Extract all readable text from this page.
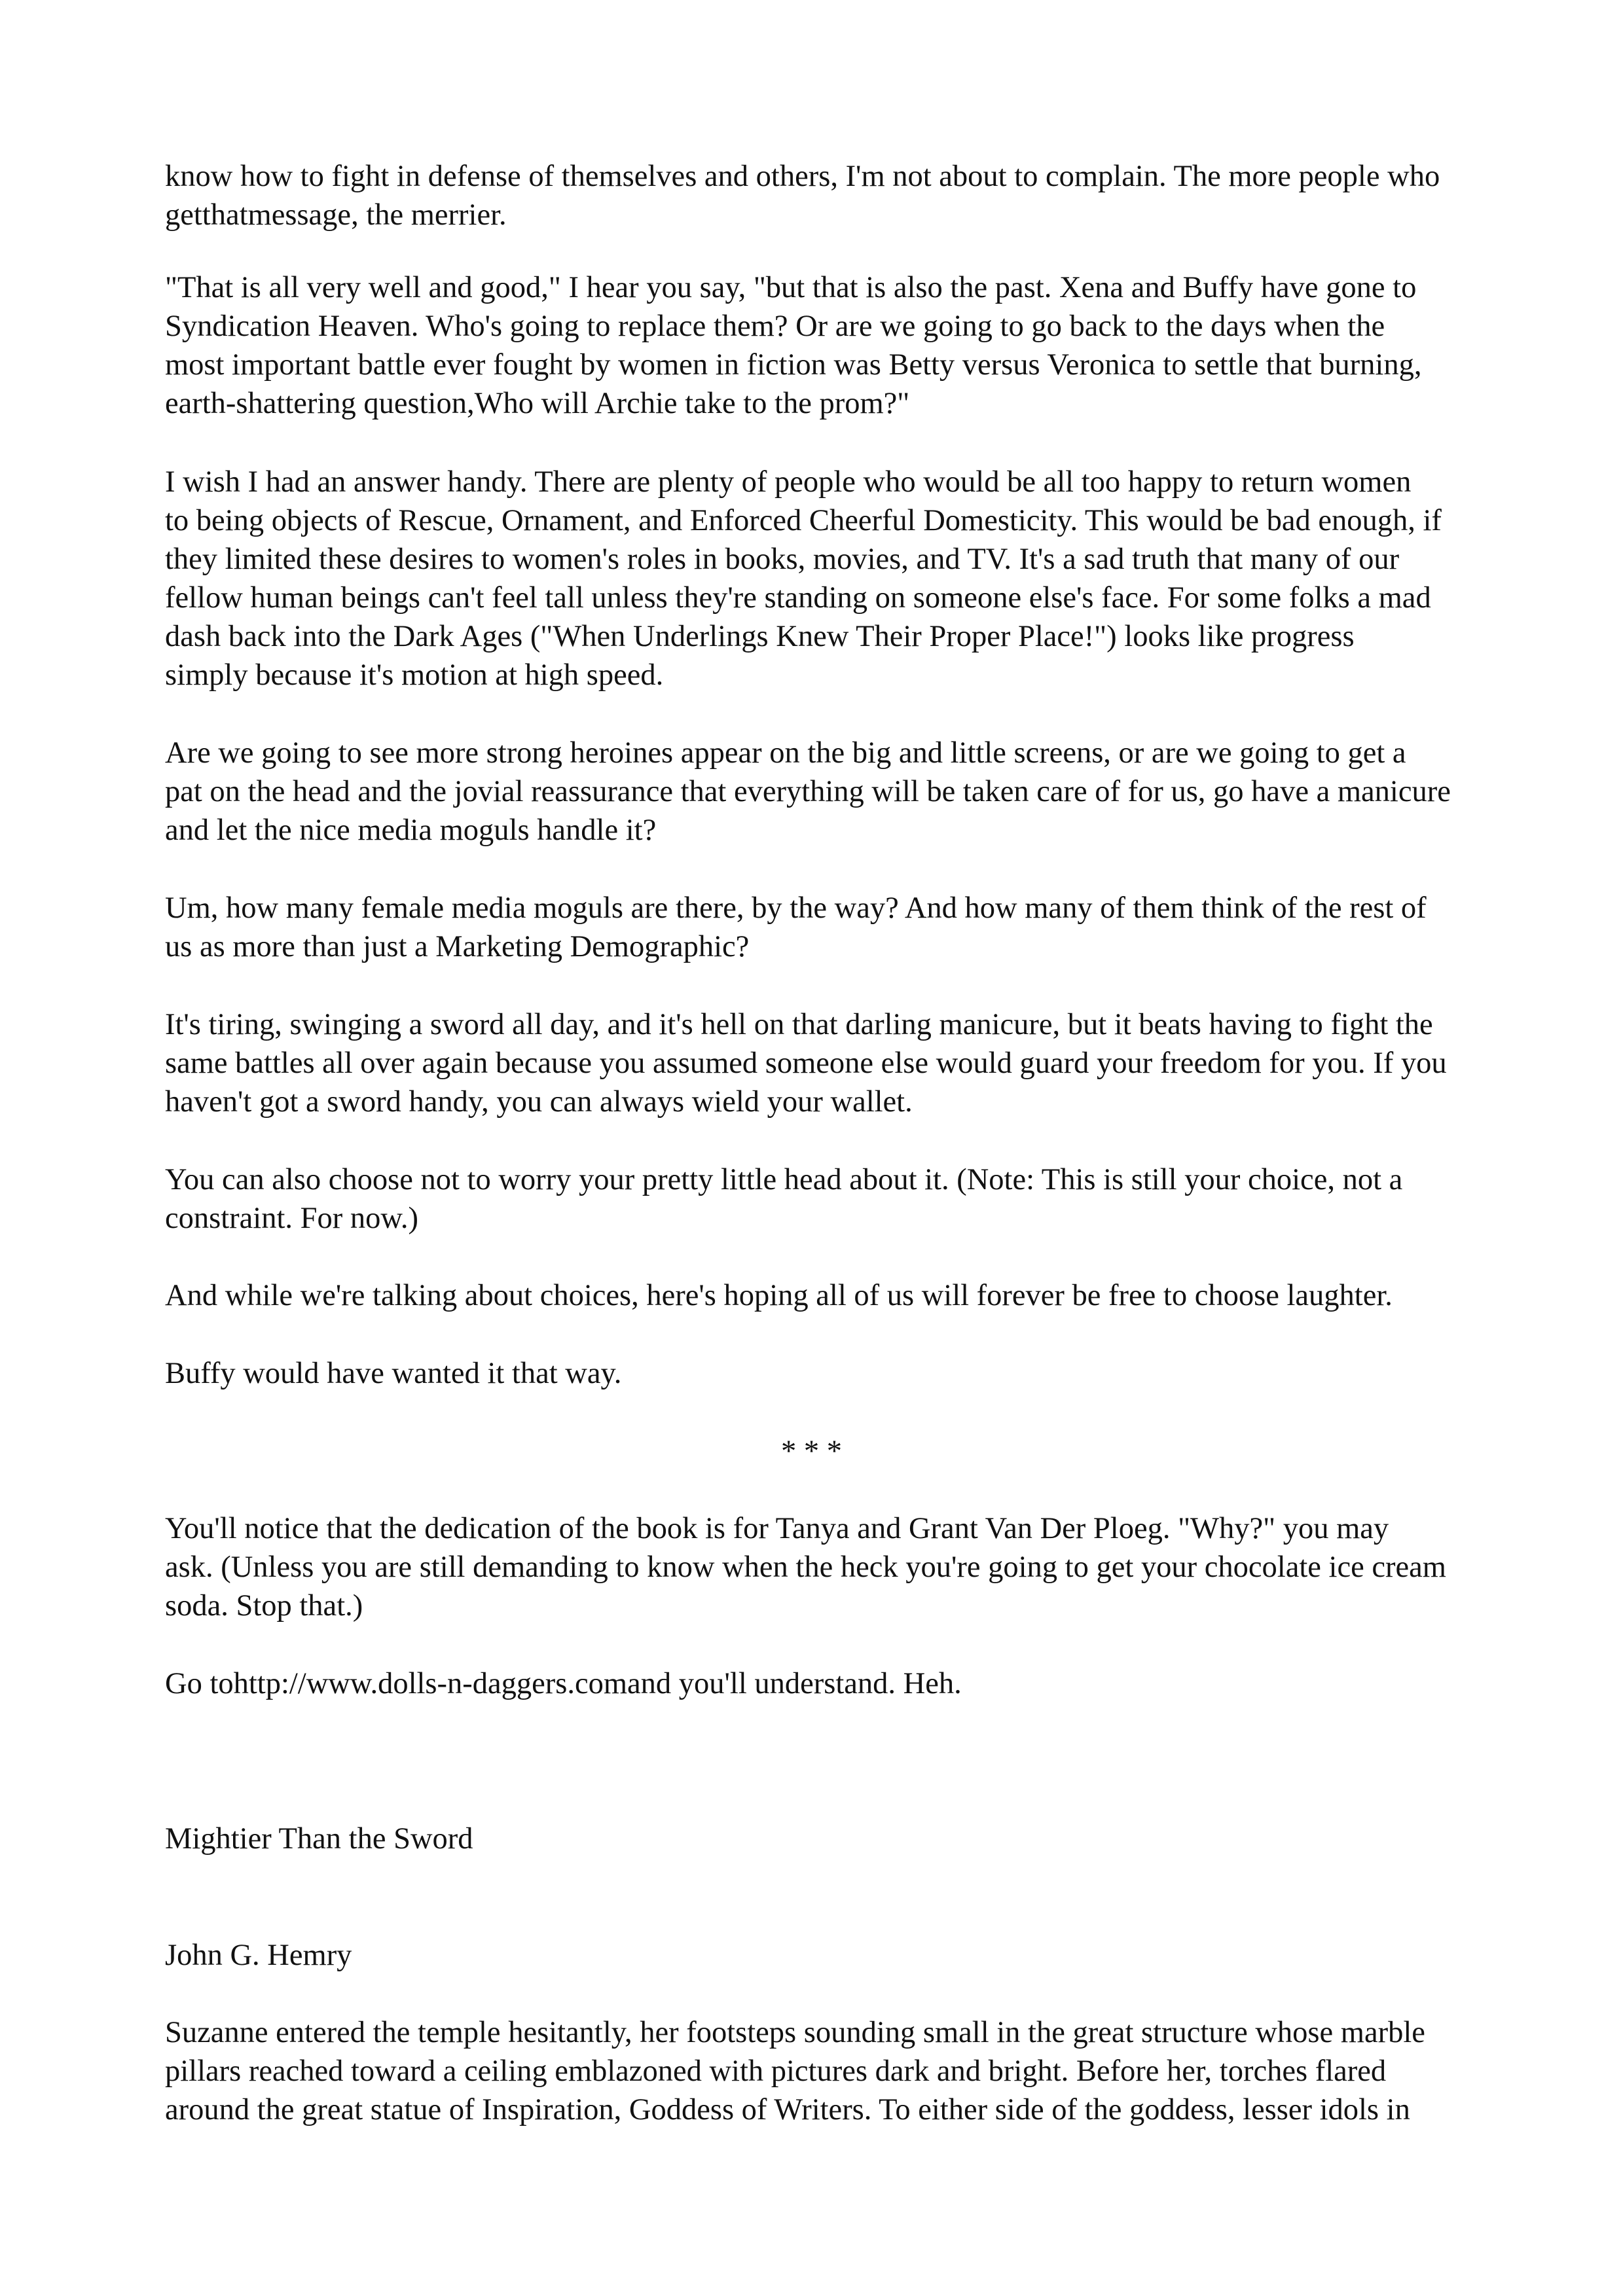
know how to fight in defense of themselves and others, I'm not about to complain. The more people who
getthatmessage, the merrier.

"That is all very well and good," I hear you say, "but that is also the past. Xena and Buffy have gone to
Syndication Heaven. Who's going to replace them? Or are we going to go back to the days when the
most important battle ever fought by women in fiction was Betty versus Veronica to settle that burning,
earth-shattering question,Who will Archie take to the prom?"

I wish I had an answer handy. There are plenty of people who would be all too happy to return women
to being objects of Rescue, Ornament, and Enforced Cheerful Domesticity. This would be bad enough, if
they limited these desires to women's roles in books, movies, and TV. It's a sad truth that many of our
fellow human beings can't feel tall unless they're standing on someone else's face. For some folks a mad
dash back into the Dark Ages ("When Underlings Knew Their Proper Place!") looks like progress
simply because it's motion at high speed.

Are we going to see more strong heroines appear on the big and little screens, or are we going to get a
pat on the head and the jovial reassurance that everything will be taken care of for us, go have a manicure
and let the nice media moguls handle it?

Um, how many female media moguls are there, by the way? And how many of them think of the rest of
us as more than just a Marketing Demographic?

It's tiring, swinging a sword all day, and it's hell on that darling manicure, but it beats having to fight the
same battles all over again because you assumed someone else would guard your freedom for you. If you
haven't got a sword handy, you can always wield your wallet.

You can also choose not to worry your pretty little head about it. (Note: This is still your choice, not a
constraint. For now.)

And while we're talking about choices, here's hoping all of us will forever be free to choose laughter.

Buffy would have wanted it that way.

* * *

You'll notice that the dedication of the book is for Tanya and Grant Van Der Ploeg. "Why?" you may
ask. (Unless you are still demanding to know when the heck you're going to get your chocolate ice cream
soda. Stop that.)

Go tohttp://www.dolls-n-daggers.comand you'll understand. Heh.

Mightier Than the Sword

John G. Hemry

Suzanne entered the temple hesitantly, her footsteps sounding small in the great structure whose marble
pillars reached toward a ceiling emblazoned with pictures dark and bright. Before her, torches flared
around the great statue of Inspiration, Goddess of Writers. To either side of the goddess, lesser idols in
